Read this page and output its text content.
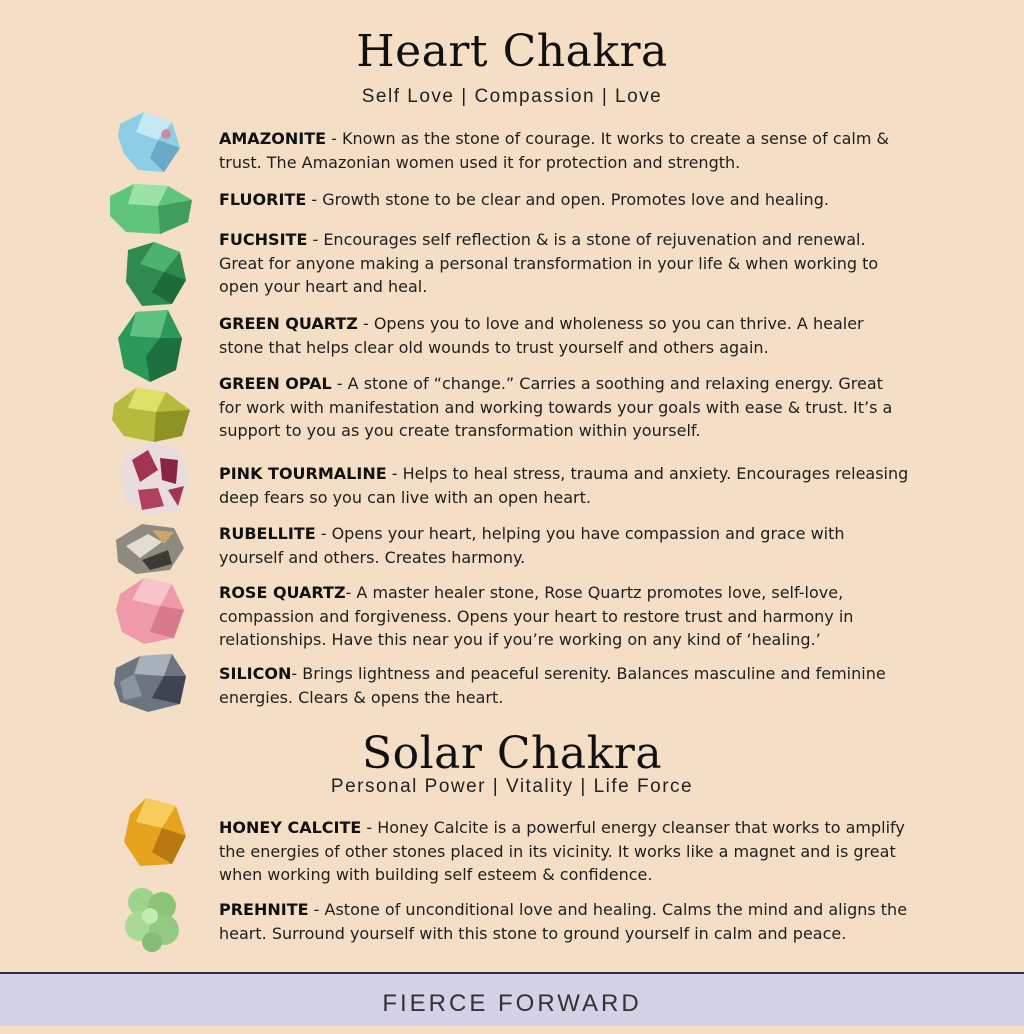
Heart Chakra
Self Love | Compassion | Love
AMAZONITE - Known as the stone of courage. It works to create a sense of calm & trust. The Amazonian women used it for protection and strength.
FLUORITE - Growth stone to be clear and open. Promotes love and healing.
FUCHSITE - Encourages self reflection & is a stone of rejuvenation and renewal. Great for anyone making a personal transformation in your life & when working to open your heart and heal.
GREEN QUARTZ - Opens you to love and wholeness so you can thrive. A healer stone that helps clear old wounds to trust yourself and others again.
GREEN OPAL - A stone of “change.” Carries a soothing and relaxing energy. Great for work with manifestation and working towards your goals with ease & trust. It’s a support to you as you create transformation within yourself.
PINK TOURMALINE - Helps to heal stress, trauma and anxiety. Encourages releasing deep fears so you can live with an open heart.
RUBELLITE - Opens your heart, helping you have compassion and grace with yourself and others. Creates harmony.
ROSE QUARTZ- A master healer stone, Rose Quartz promotes love, self-love, compassion and forgiveness. Opens your heart to restore trust and harmony in relationships. Have this near you if you’re working on any kind of ‘healing.’
SILICON- Brings lightness and peaceful serenity. Balances masculine and feminine energies. Clears & opens the heart.
Solar Chakra
Personal Power | Vitality | Life Force
HONEY CALCITE - Honey Calcite is a powerful energy cleanser that works to amplify the energies of other stones placed in its vicinity. It works like a magnet and is great when working with building self esteem & confidence.
PREHNITE - Astone of unconditional love and healing. Calms the mind and aligns the heart. Surround yourself with this stone to ground yourself in calm and peace.
FIERCE FORWARD
